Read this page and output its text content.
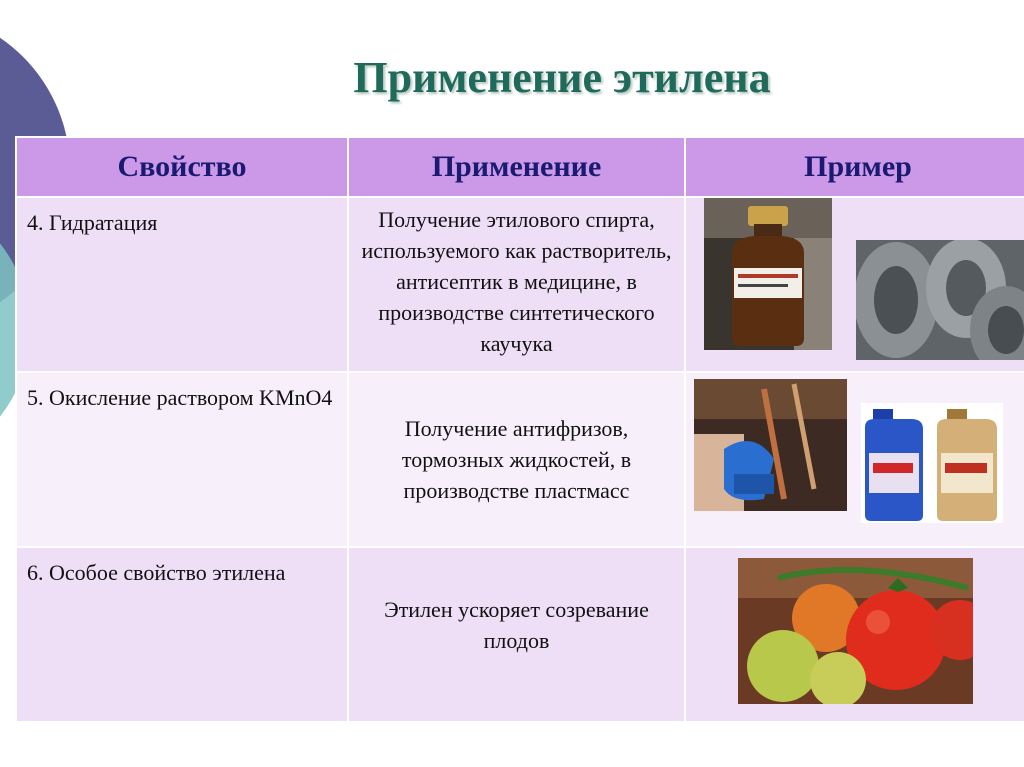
Применение этилена
Свойство	Применение	Пример
4. Гидратация	Получение этилового спирта, используемого как растворитель, антисептик в медицине, в производстве синтетического каучука

5. Окисление раствором KMnO4	Получение антифризов, тормозных жидкостей, в производстве пластмасс

6. Особое свойство этилена	Этилен ускоряет созревание плодов
